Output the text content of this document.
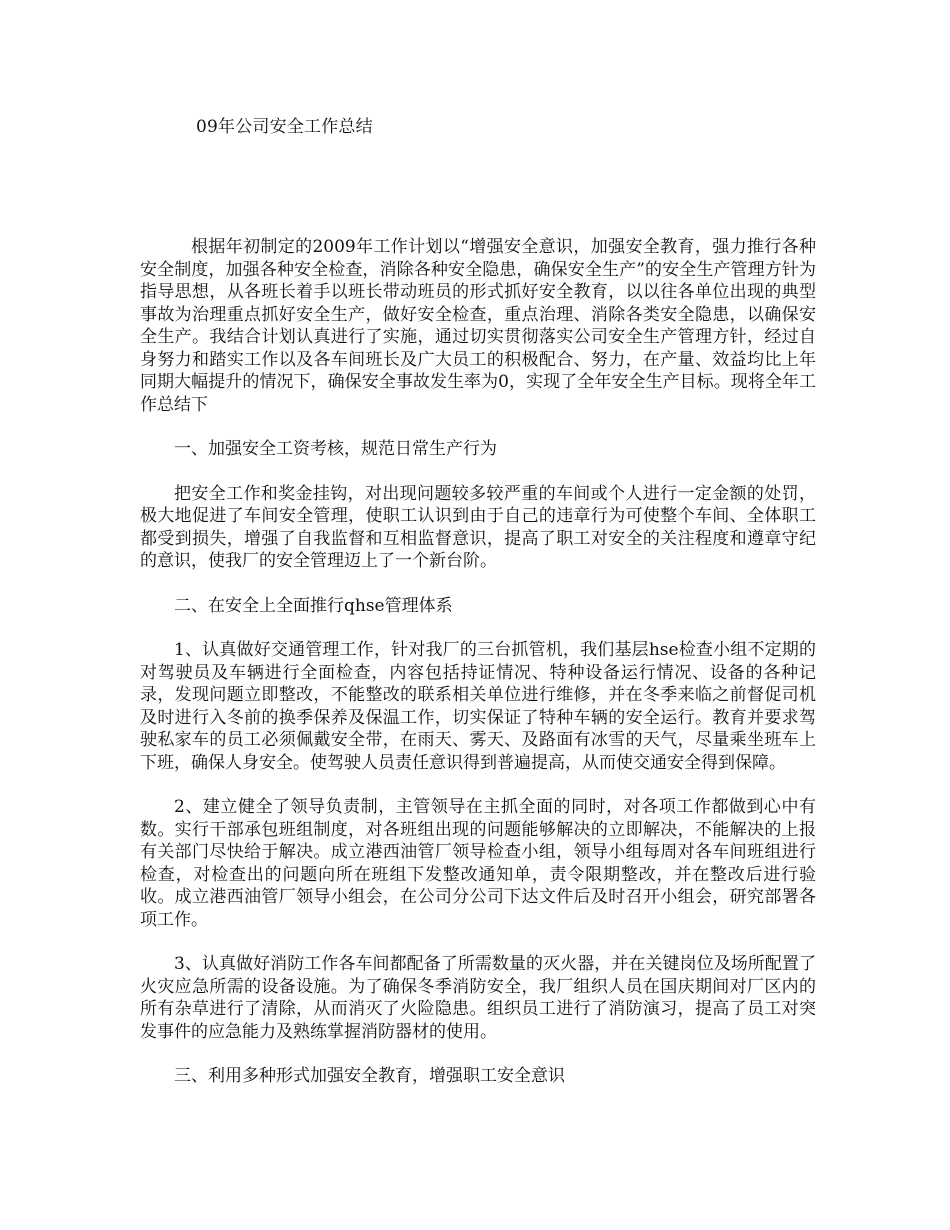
09年公司安全工作总结

根据年初制定的2009年工作计划以“增强安全意识，加强安全教育，强力推行各种安全制度，加强各种安全检查，消除各种安全隐患，确保安全生产”的安全生产管理方针为指导思想，从各班长着手以班长带动班员的形式抓好安全教育，以以往各单位出现的典型事故为治理重点抓好安全生产，做好安全检查，重点治理、消除各类安全隐患，以确保安全生产。我结合计划认真进行了实施，通过切实贯彻落实公司安全生产管理方针，经过自身努力和踏实工作以及各车间班长及广大员工的积极配合、努力，在产量、效益均比上年同期大幅提升的情况下，确保安全事故发生率为0，实现了全年安全生产目标。现将全年工作总结下

一、加强安全工资考核，规范日常生产行为

把安全工作和奖金挂钩，对出现问题较多较严重的车间或个人进行一定金额的处罚，极大地促进了车间安全管理，使职工认识到由于自己的违章行为可使整个车间、全体职工都受到损失，增强了自我监督和互相监督意识，提高了职工对安全的关注程度和遵章守纪的意识，使我厂的安全管理迈上了一个新台阶。

二、在安全上全面推行qhse管理体系

1、认真做好交通管理工作，针对我厂的三台抓管机，我们基层hse检查小组不定期的对驾驶员及车辆进行全面检查，内容包括持证情况、特种设备运行情况、设备的各种记录，发现问题立即整改，不能整改的联系相关单位进行维修，并在冬季来临之前督促司机及时进行入冬前的换季保养及保温工作，切实保证了特种车辆的安全运行。教育并要求驾驶私家车的员工必须佩戴安全带，在雨天、雾天、及路面有冰雪的天气，尽量乘坐班车上下班，确保人身安全。使驾驶人员责任意识得到普遍提高，从而使交通安全得到保障。

2、建立健全了领导负责制，主管领导在主抓全面的同时，对各项工作都做到心中有数。实行干部承包班组制度，对各班组出现的问题能够解决的立即解决，不能解决的上报有关部门尽快给于解决。成立港西油管厂领导检查小组，领导小组每周对各车间班组进行检查，对检查出的问题向所在班组下发整改通知单，责令限期整改，并在整改后进行验收。成立港西油管厂领导小组会，在公司分公司下达文件后及时召开小组会，研究部署各项工作。

3、认真做好消防工作各车间都配备了所需数量的灭火器，并在关键岗位及场所配置了火灾应急所需的设备设施。为了确保冬季消防安全，我厂组织人员在国庆期间对厂区内的所有杂草进行了清除，从而消灭了火险隐患。组织员工进行了消防演习，提高了员工对突发事件的应急能力及熟练掌握消防器材的使用。

三、利用多种形式加强安全教育，增强职工安全意识
